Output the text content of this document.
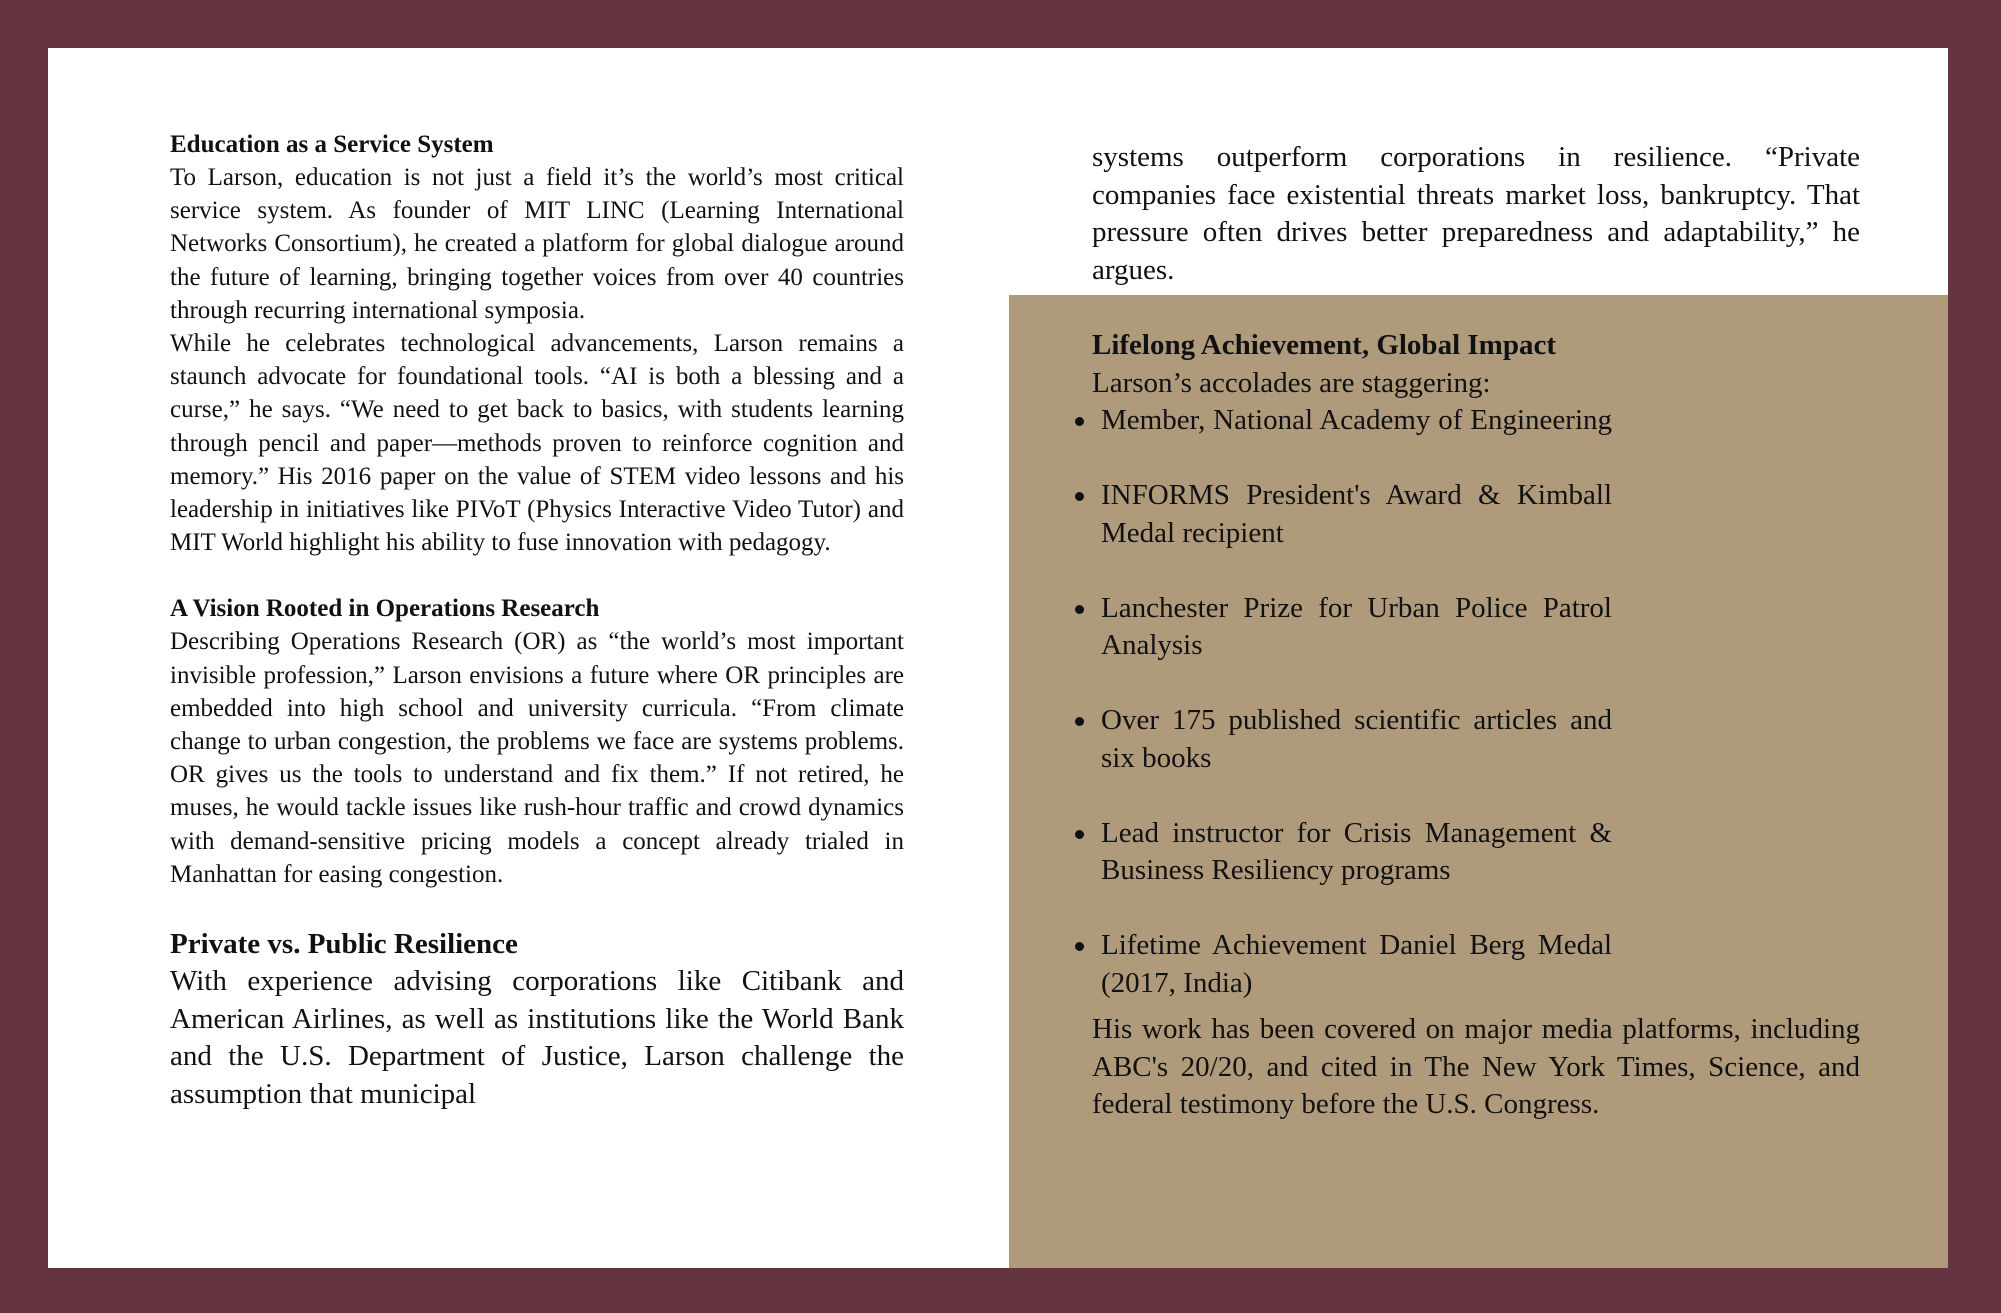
Education as a Service System

To Larson, education is not just a field it’s the world’s most critical service system. As founder of MIT LINC (Learning International Networks Consortium), he created a platform for global dialogue around the future of learning, bringing together voices from over 40 countries through recurring international symposia.

While he celebrates technological advancements, Larson remains a staunch advocate for foundational tools. “AI is both a blessing and a curse,” he says. “We need to get back to basics, with students learning through pencil and paper—methods proven to reinforce cognition and memory.” His 2016 paper on the value of STEM video lessons and his leadership in initiatives like PIVoT (Physics Interactive Video Tutor) and MIT World highlight his ability to fuse innovation with pedagogy.

A Vision Rooted in Operations Research

Describing Operations Research (OR) as “the world’s most important invisible profession,” Larson envisions a future where OR principles are embedded into high school and university curricula. “From climate change to urban congestion, the problems we face are systems problems. OR gives us the tools to understand and fix them.” If not retired, he muses, he would tackle issues like rush-hour traffic and crowd dynamics with demand-sensitive pricing models a concept already trialed in Manhattan for easing congestion.

Private vs. Public Resilience

With experience advising corporations like Citibank and American Airlines, as well as institutions like the World Bank and the U.S. Department of Justice, Larson challenge the assumption that municipal

systems outperform corporations in resilience. “Private companies face existential threats market loss, bankruptcy. That pressure often drives better preparedness and adaptability,” he argues.

Lifelong Achievement, Global Impact

Larson’s accolades are staggering:

Member, National Academy of Engineering
INFORMS President's Award & Kimball Medal recipient
Lanchester Prize for Urban Police Patrol Analysis
Over 175 published scientific articles and six books
Lead instructor for Crisis Management & Business Resiliency programs
Lifetime Achievement Daniel Berg Medal (2017, India)

His work has been covered on major media platforms, including ABC's 20/20, and cited in The New York Times, Science, and federal testimony before the U.S. Congress.
